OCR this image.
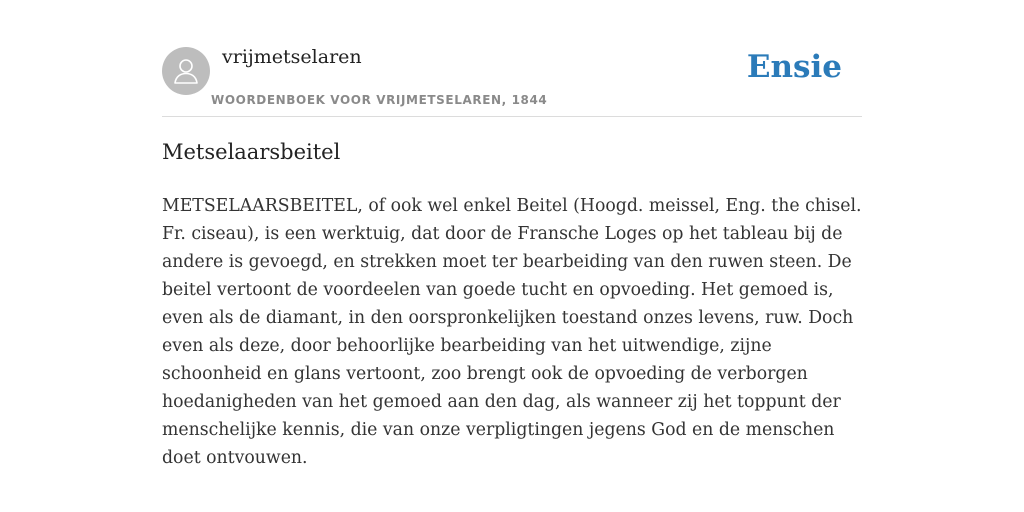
vrijmetselaren
WOORDENBOEK VOOR VRIJMETSELAREN, 1844
Ensie
Metselaarsbeitel

METSELAARSBEITEL, of ook wel enkel Beitel (Hoogd. meissel, Eng. the chisel. Fr. ciseau), is een werktuig, dat door de Fransche Loges op het tableau bij de andere is gevoegd, en strekken moet ter bearbeiding van den ruwen steen. De beitel vertoont de voordeelen van goede tucht en opvoeding. Het gemoed is, even als de diamant, in den oorspronkelijken toestand onzes levens, ruw. Doch even als deze, door behoorlijke bearbeiding van het uitwendige, zijne schoonheid en glans vertoont, zoo brengt ook de opvoeding de verborgen hoedanigheden van het gemoed aan den dag, als wanneer zij het toppunt der menschelijke kennis, die van onze verpligtingen jegens God en de menschen doet ontvouwen.
